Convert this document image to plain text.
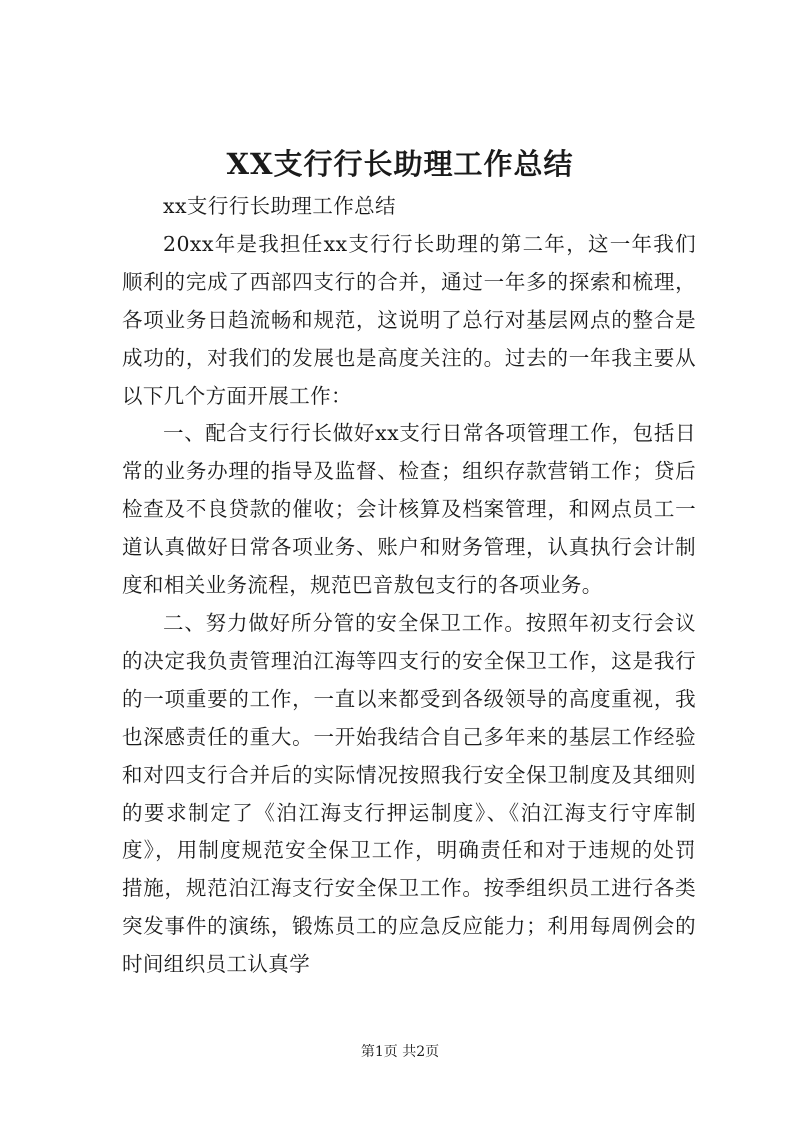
XX支行行长助理工作总结

xx支行行长助理工作总结

20xx年是我担任xx支行行长助理的第二年，这一年我们顺利的完成了西部四支行的合并，通过一年多的探索和梳理，各项业务日趋流畅和规范，这说明了总行对基层网点的整合是成功的，对我们的发展也是高度关注的。过去的一年我主要从以下几个方面开展工作：

一、配合支行行长做好xx支行日常各项管理工作，包括日常的业务办理的指导及监督、检查；组织存款营销工作；贷后检查及不良贷款的催收；会计核算及档案管理，和网点员工一道认真做好日常各项业务、账户和财务管理，认真执行会计制度和相关业务流程，规范巴音敖包支行的各项业务。

二、努力做好所分管的安全保卫工作。按照年初支行会议的决定我负责管理泊江海等四支行的安全保卫工作，这是我行的一项重要的工作，一直以来都受到各级领导的高度重视，我也深感责任的重大。一开始我结合自己多年来的基层工作经验和对四支行合并后的实际情况按照我行安全保卫制度及其细则的要求制定了《泊江海支行押运制度》、《泊江海支行守库制度》，用制度规范安全保卫工作，明确责任和对于违规的处罚措施，规范泊江海支行安全保卫工作。按季组织员工进行各类突发事件的演练，锻炼员工的应急反应能力；利用每周例会的时间组织员工认真学

第1页 共2页
